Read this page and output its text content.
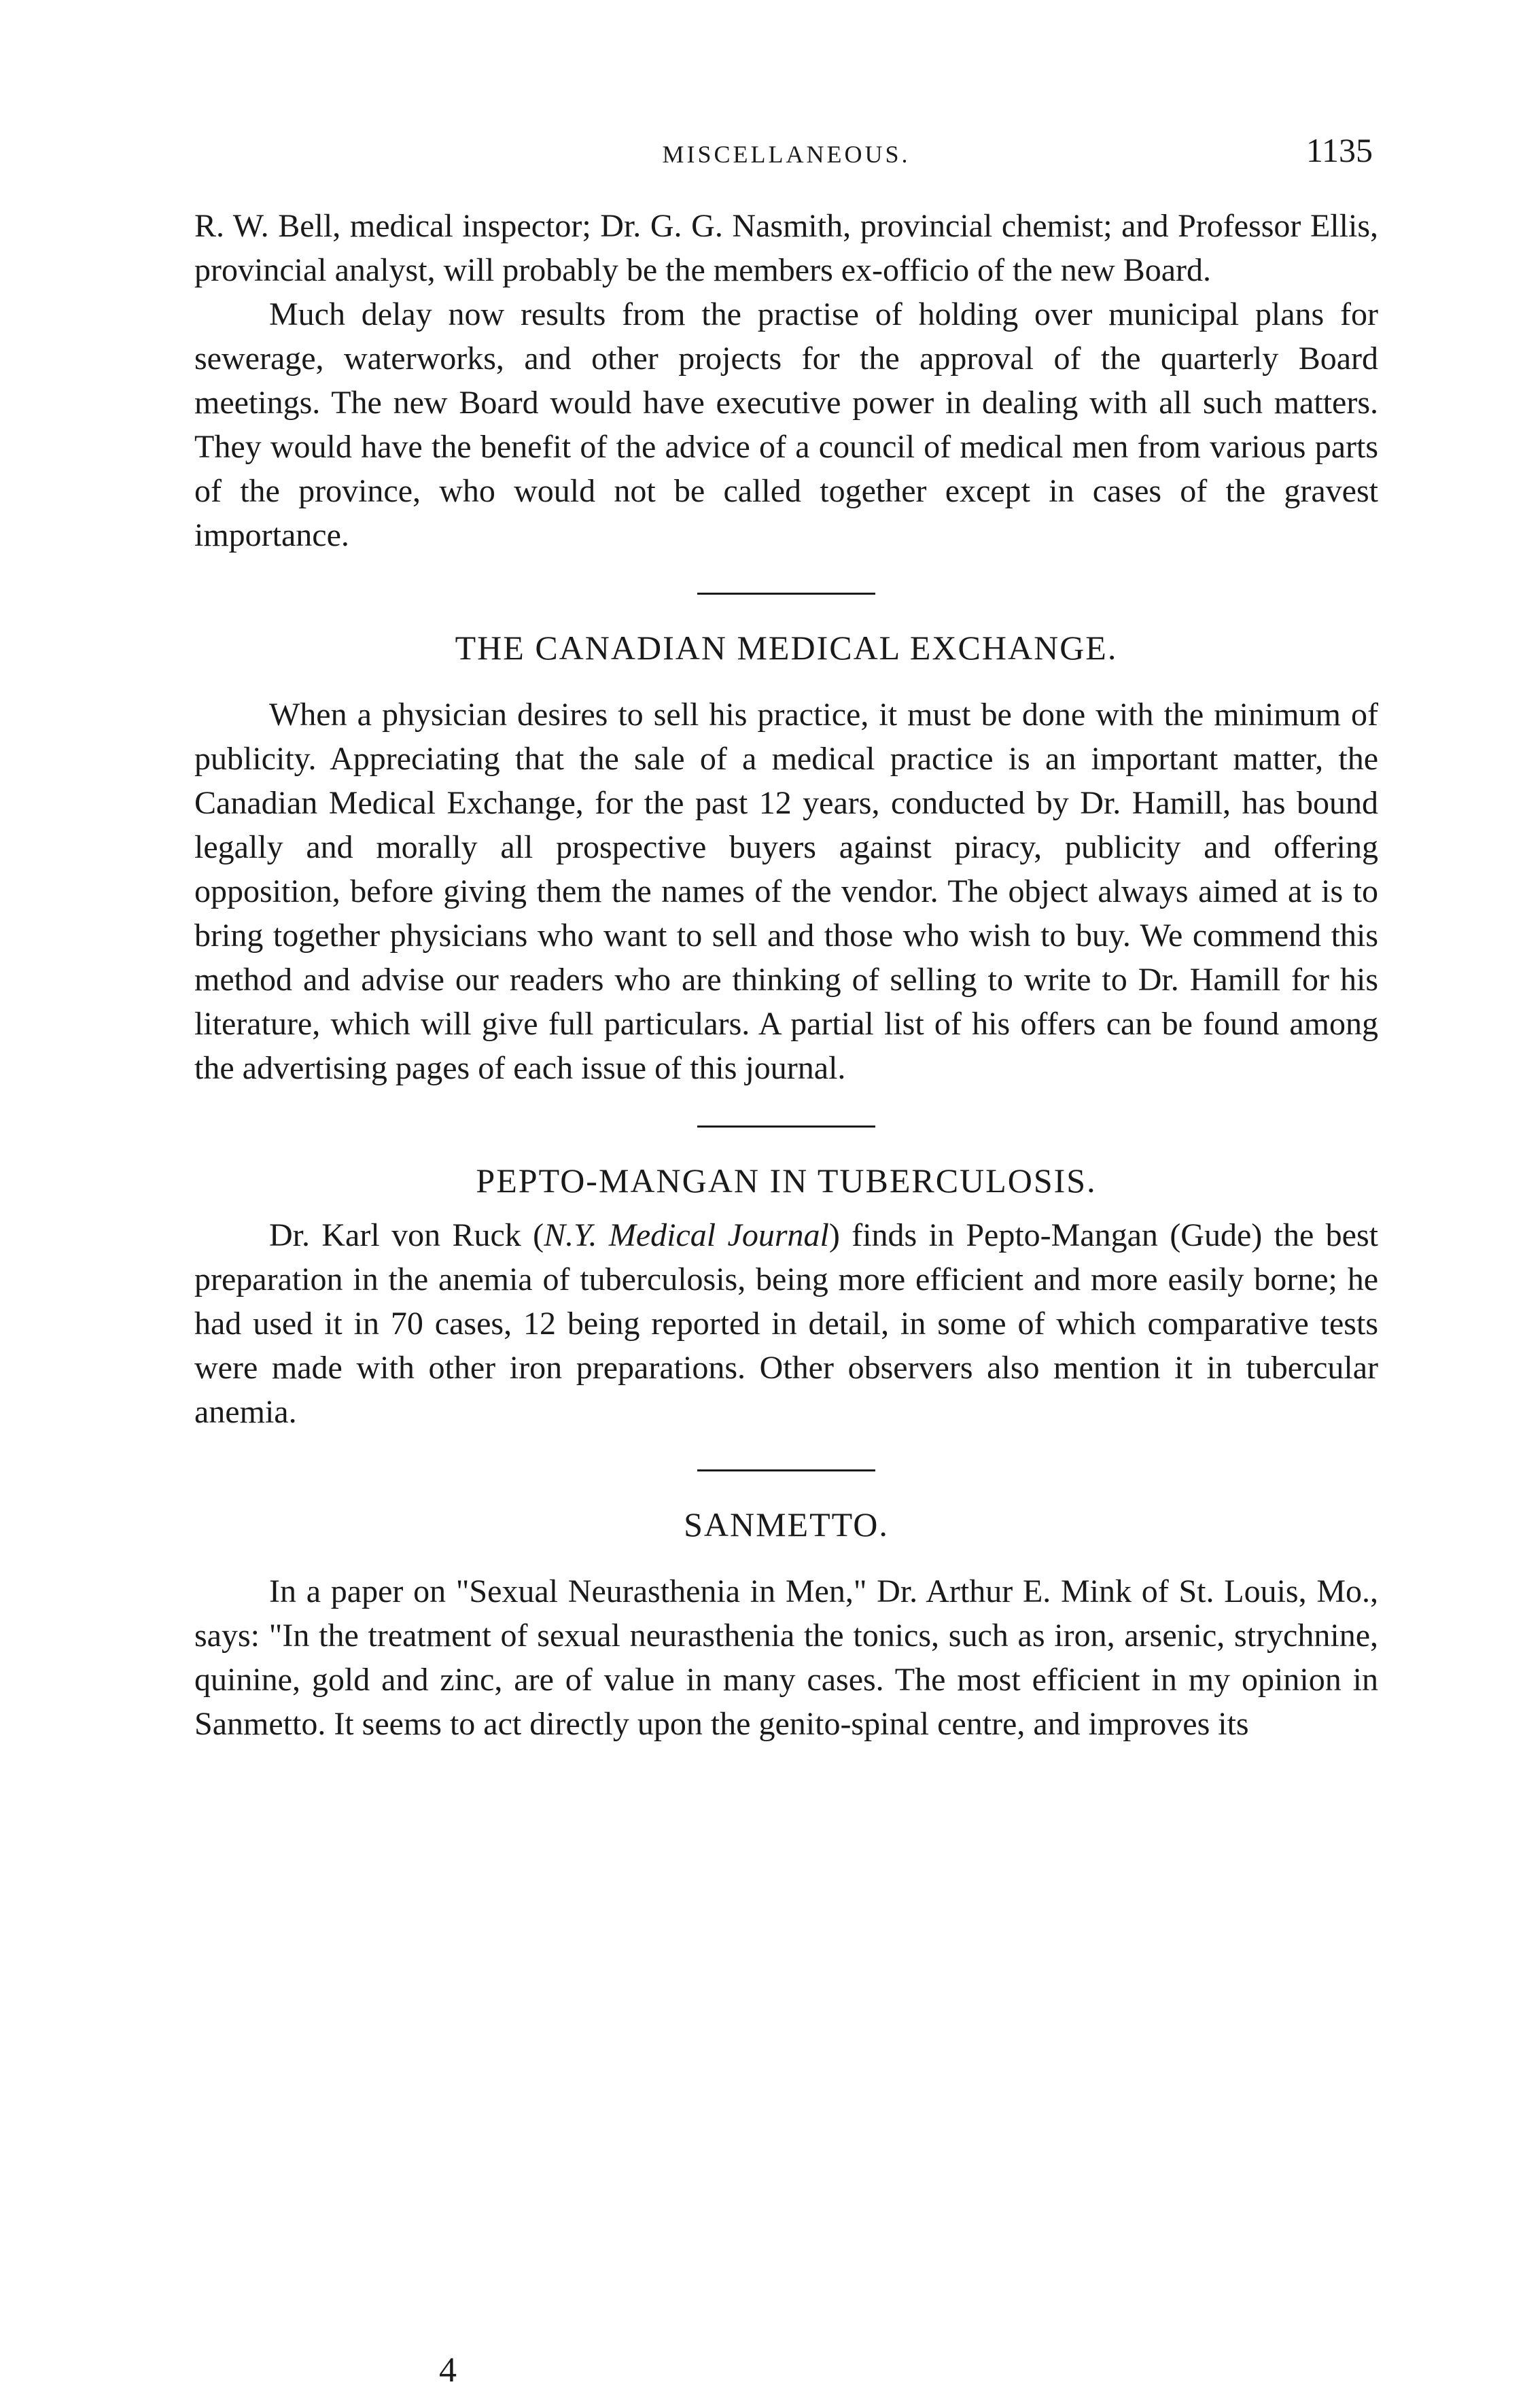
MISCELLANEOUS.	1135

R. W. Bell, medical inspector; Dr. G. G. Nasmith, provincial chemist; and Professor Ellis, provincial analyst, will probably be the members ex-officio of the new Board.

Much delay now results from the practise of holding over municipal plans for sewerage, waterworks, and other projects for the approval of the quarterly Board meetings. The new Board would have executive power in dealing with all such matters. They would have the benefit of the advice of a council of medical men from various parts of the province, who would not be called together except in cases of the gravest importance.

THE CANADIAN MEDICAL EXCHANGE.

When a physician desires to sell his practice, it must be done with the minimum of publicity. Appreciating that the sale of a medical practice is an important matter, the Canadian Medical Exchange, for the past 12 years, conducted by Dr. Hamill, has bound legally and morally all prospective buyers against piracy, publicity and offering opposition, before giving them the names of the vendor. The object always aimed at is to bring together physicians who want to sell and those who wish to buy. We commend this method and advise our readers who are thinking of selling to write to Dr. Hamill for his literature, which will give full particulars. A partial list of his offers can be found among the advertising pages of each issue of this journal.

PEPTO-MANGAN IN TUBERCULOSIS.

Dr. Karl von Ruck (N.Y. Medical Journal) finds in Pepto-Mangan (Gude) the best preparation in the anemia of tuberculosis, being more efficient and more easily borne; he had used it in 70 cases, 12 being reported in detail, in some of which comparative tests were made with other iron preparations. Other observers also mention it in tubercular anemia.

SANMETTO.

In a paper on "Sexual Neurasthenia in Men," Dr. Arthur E. Mink of St. Louis, Mo., says: "In the treatment of sexual neurasthenia the tonics, such as iron, arsenic, strychnine, quinine, gold and zinc, are of value in many cases. The most efficient in my opinion in Sanmetto. It seems to act directly upon the genito-spinal centre, and improves its

4
